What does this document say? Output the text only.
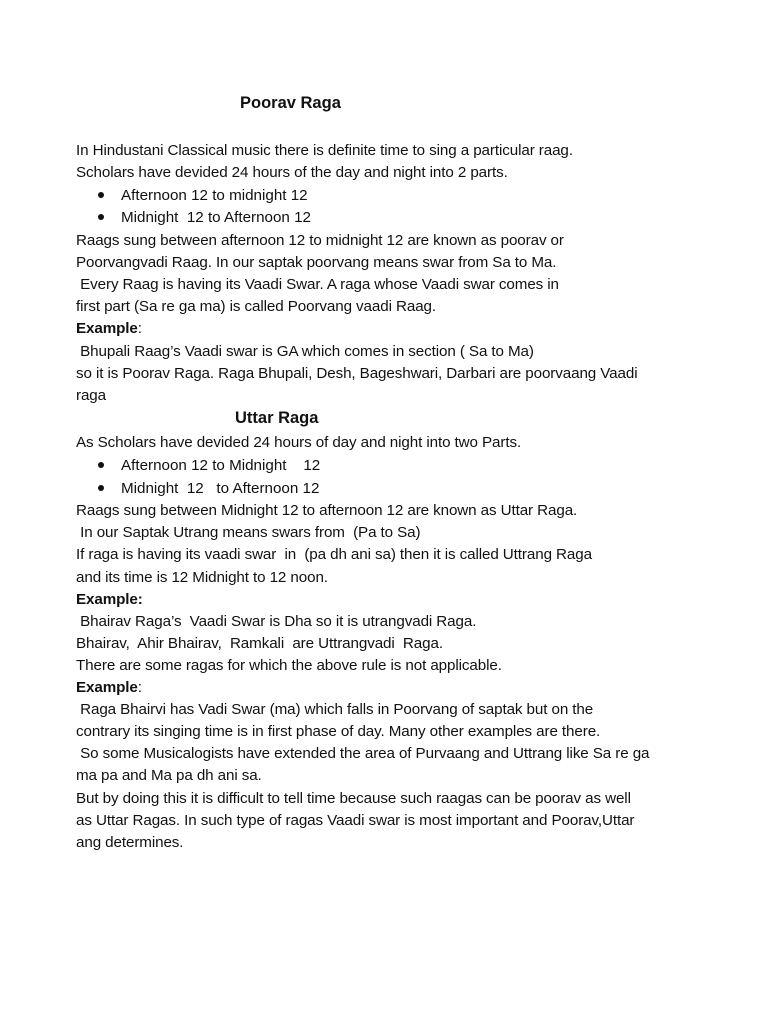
Poorav Raga
In Hindustani Classical music there is definite time to sing a particular raag.
Scholars have devided 24 hours of the day and night into 2 parts.
Afternoon 12 to midnight 12
Midnight  12 to Afternoon 12
Raags sung between afternoon 12 to midnight 12 are known as poorav or
Poorvangvadi Raag. In our saptak poorvang means swar from Sa to Ma.
Every Raag is having its Vaadi Swar. A raga whose Vaadi swar comes in
first part (Sa re ga ma) is called Poorvang vaadi Raag.
Example:
Bhupali Raag’s Vaadi swar is GA which comes in section ( Sa to Ma)
so it is Poorav Raga. Raga Bhupali, Desh, Bageshwari, Darbari are poorvaang Vaadi
raga
Uttar Raga
As Scholars have devided 24 hours of day and night into two Parts.
Afternoon 12 to Midnight    12
Midnight  12   to Afternoon 12
Raags sung between Midnight 12 to afternoon 12 are known as Uttar Raga.
In our Saptak Utrang means swars from  (Pa to Sa)
If raga is having its vaadi swar  in  (pa dh ani sa) then it is called Uttrang Raga
and its time is 12 Midnight to 12 noon.
Example:
Bhairav Raga’s  Vaadi Swar is Dha so it is utrangvadi Raga.
Bhairav,  Ahir Bhairav,  Ramkali  are Uttrangvadi  Raga.
There are some ragas for which the above rule is not applicable.
Example:
Raga Bhairvi has Vadi Swar (ma) which falls in Poorvang of saptak but on the
contrary its singing time is in first phase of day. Many other examples are there.
So some Musicalogists have extended the area of Purvaang and Uttrang like Sa re ga
ma pa and Ma pa dh ani sa.
But by doing this it is difficult to tell time because such raagas can be poorav as well
as Uttar Ragas. In such type of ragas Vaadi swar is most important and Poorav,Uttar
ang determines.
